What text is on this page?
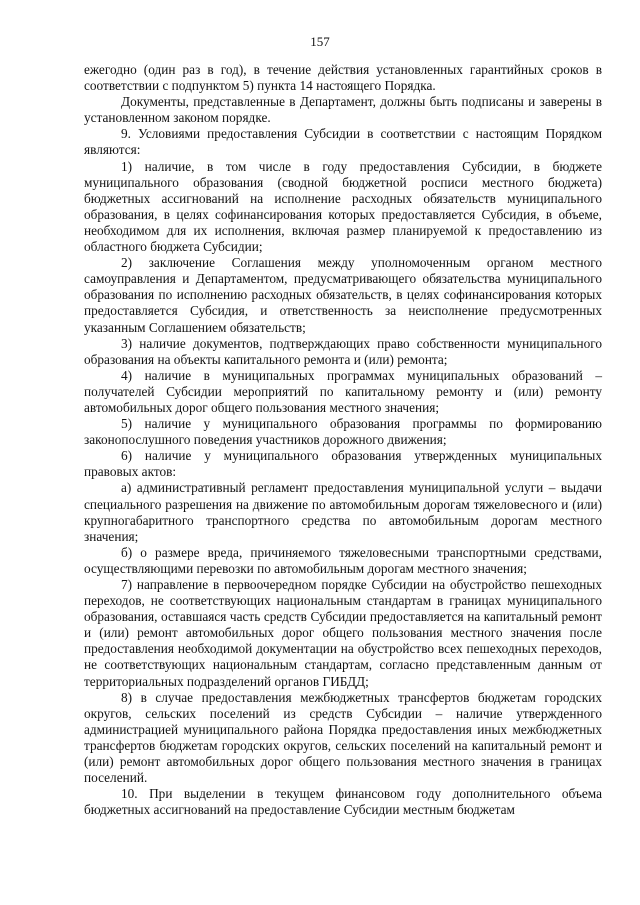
157

ежегодно (один раз в год), в течение действия установленных гарантийных сроков в соответствии с подпунктом 5) пункта 14 настоящего Порядка.

Документы, представленные в Департамент, должны быть подписаны и заверены в установленном законом порядке.

9. Условиями предоставления Субсидии в соответствии с настоящим Порядком являются:

1) наличие, в том числе в году предоставления Субсидии, в бюджете муниципального образования (сводной бюджетной росписи местного бюджета) бюджетных ассигнований на исполнение расходных обязательств муниципального образования, в целях софинансирования которых предоставляется Субсидия, в объеме, необходимом для их исполнения, включая размер планируемой к предоставлению из областного бюджета Субсидии;

2) заключение Соглашения между уполномоченным органом местного самоуправления и Департаментом, предусматривающего обязательства муниципального образования по исполнению расходных обязательств, в целях софинансирования которых предоставляется Субсидия, и ответственность за неисполнение предусмотренных указанным Соглашением обязательств;

3) наличие документов, подтверждающих право собственности муниципального образования на объекты капитального ремонта и (или) ремонта;

4) наличие в муниципальных программах муниципальных образований – получателей Субсидии мероприятий по капитальному ремонту и (или) ремонту автомобильных дорог общего пользования местного значения;

5) наличие у муниципального образования программы по формированию законопослушного поведения участников дорожного движения;

6) наличие у муниципального образования утвержденных муниципальных правовых актов:

а) административный регламент предоставления муниципальной услуги – выдачи специального разрешения на движение по автомобильным дорогам тяжеловесного и (или) крупногабаритного транспортного средства по автомобильным дорогам местного значения;

б) о размере вреда, причиняемого тяжеловесными транспортными средствами, осуществляющими перевозки по автомобильным дорогам местного значения;

7) направление в первоочередном порядке Субсидии на обустройство пешеходных переходов, не соответствующих национальным стандартам в границах муниципального образования, оставшаяся часть средств Субсидии предоставляется на капитальный ремонт и (или) ремонт автомобильных дорог общего пользования местного значения после предоставления необходимой документации на обустройство всех пешеходных переходов, не соответствующих национальным стандартам, согласно представленным данным от территориальных подразделений органов ГИБДД;

8) в случае предоставления межбюджетных трансфертов бюджетам городских округов, сельских поселений из средств Субсидии – наличие утвержденного администрацией муниципального района Порядка предоставления иных межбюджетных трансфертов бюджетам городских округов, сельских поселений на капитальный ремонт и (или) ремонт автомобильных дорог общего пользования местного значения в границах поселений.

10. При выделении в текущем финансовом году дополнительного объема бюджетных ассигнований на предоставление Субсидии местным бюджетам
